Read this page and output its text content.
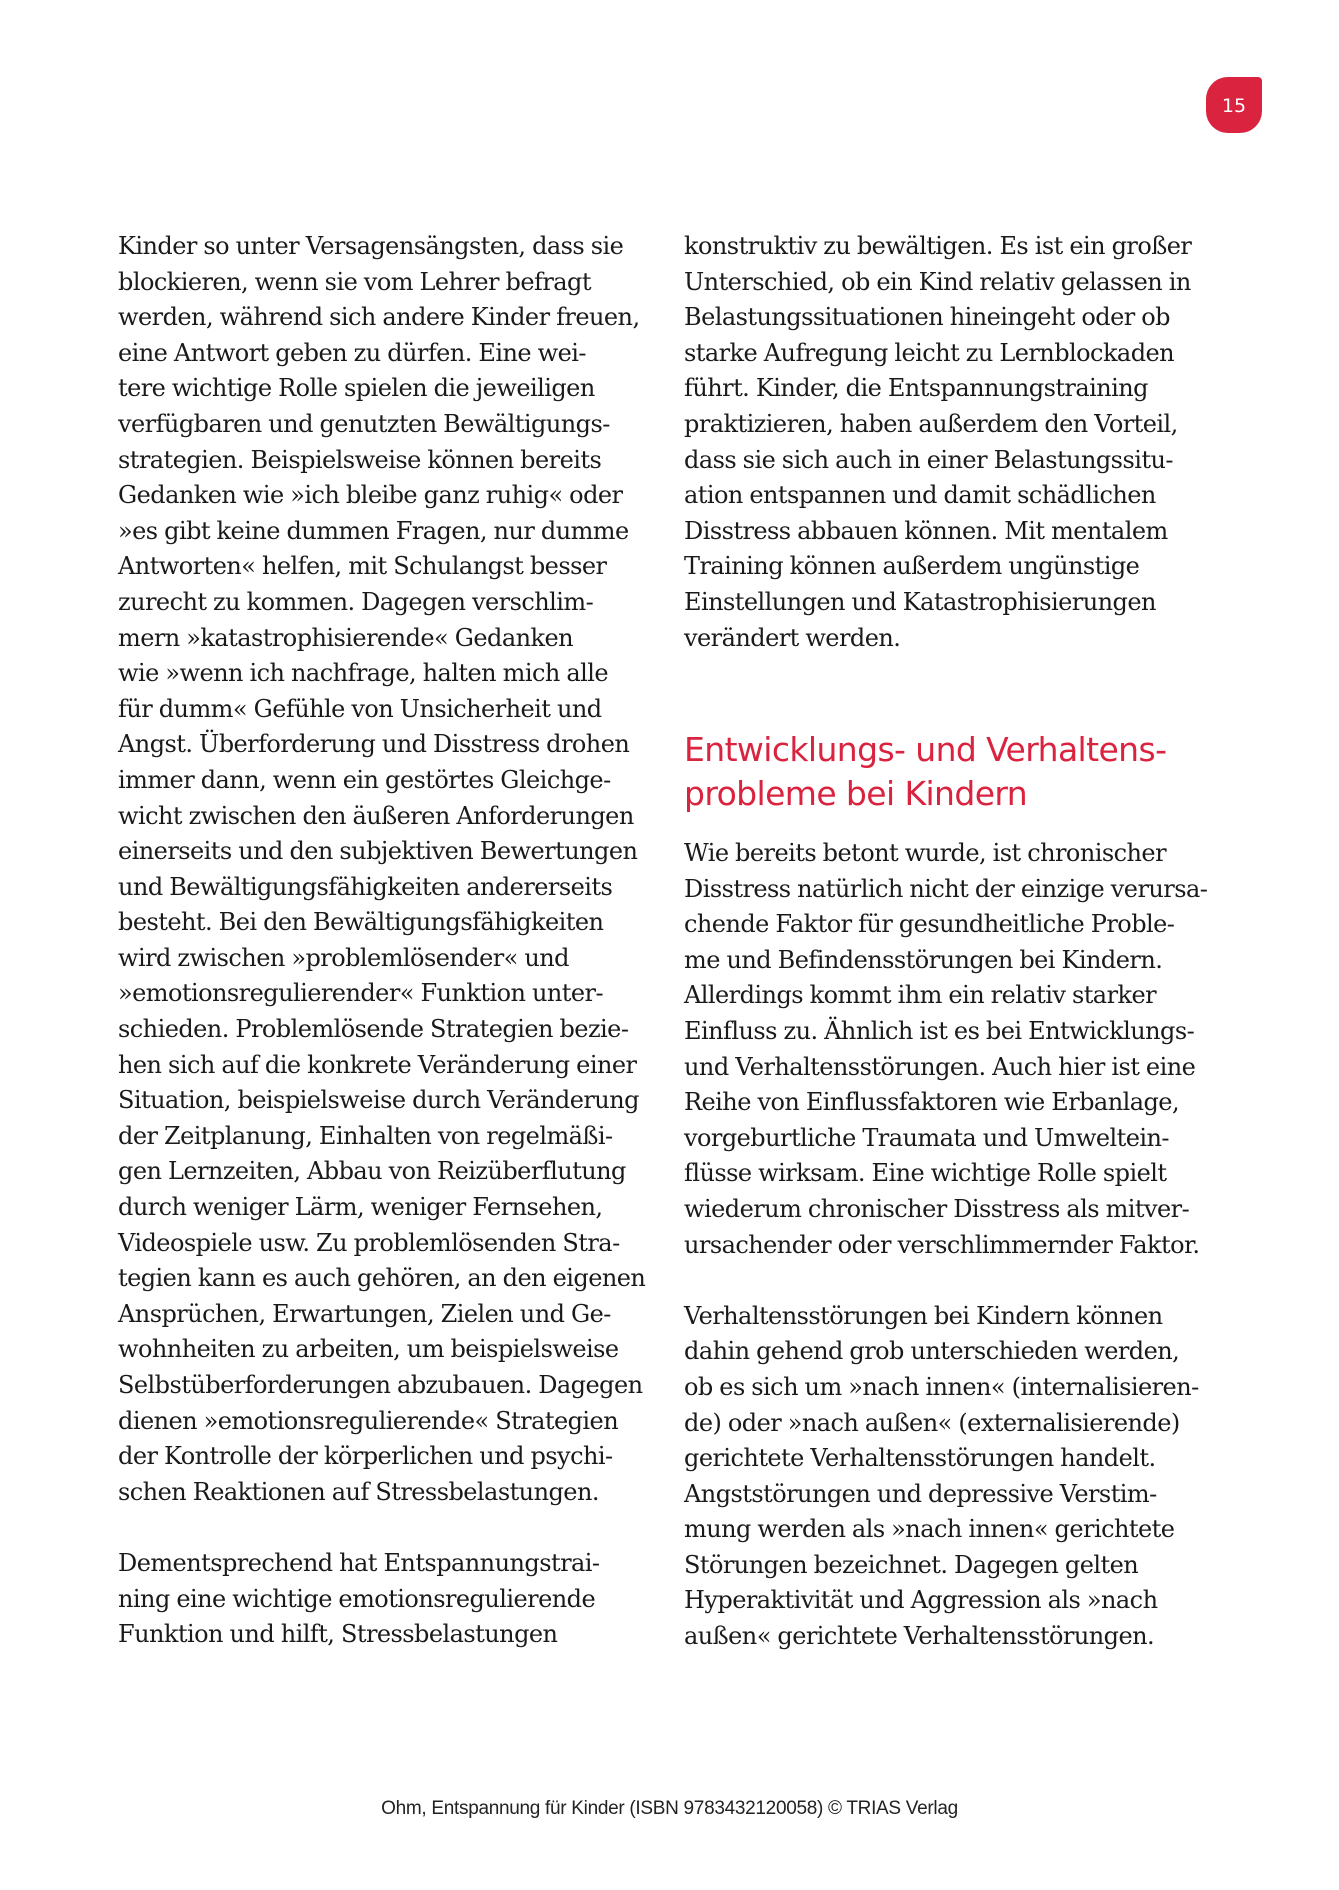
15
Kinder so unter Versagensängsten, dass sie
blockieren, wenn sie vom Lehrer befragt
werden, während sich andere Kinder freuen,
eine Antwort geben zu dürfen. Eine wei-
tere wichtige Rolle spielen die jeweiligen
verfügbaren und genutzten Bewältigungs-
strategien. Beispielsweise können bereits
Gedanken wie »ich bleibe ganz ruhig« oder
»es gibt keine dummen Fragen, nur dumme
Antworten« helfen, mit Schulangst besser
zurecht zu kommen. Dagegen verschlim-
mern »katastrophisierende« Gedanken
wie »wenn ich nachfrage, halten mich alle
für dumm« Gefühle von Unsicherheit und
Angst. Überforderung und Disstress drohen
immer dann, wenn ein gestörtes Gleichge-
wicht zwischen den äußeren Anforderungen
einerseits und den subjektiven Bewertungen
und Bewältigungsfähigkeiten andererseits
besteht. Bei den Bewältigungsfähigkeiten
wird zwischen »problemlösender« und
»emotionsregulierender« Funktion unter-
schieden. Problemlösende Strategien bezie-
hen sich auf die konkrete Veränderung einer
Situation, beispielsweise durch Veränderung
der Zeitplanung, Einhalten von regelmäßi-
gen Lernzeiten, Abbau von Reizüberflutung
durch weniger Lärm, weniger Fernsehen,
Videospiele usw. Zu problemlösenden Stra-
tegien kann es auch gehören, an den eigenen
Ansprüchen, Erwartungen, Zielen und Ge-
wohnheiten zu arbeiten, um beispielsweise
Selbstüberforderungen abzubauen. Dagegen
dienen »emotionsregulierende« Strategien
der Kontrolle der körperlichen und psychi-
schen Reaktionen auf Stressbelastungen.
Dementsprechend hat Entspannungstrai-
ning eine wichtige emotionsregulierende
Funktion und hilft, Stressbelastungen
konstruktiv zu bewältigen. Es ist ein großer
Unterschied, ob ein Kind relativ gelassen in
Belastungssituationen hineingeht oder ob
starke Aufregung leicht zu Lernblockaden
führt. Kinder, die Entspannungstraining
praktizieren, haben außerdem den Vorteil,
dass sie sich auch in einer Belastungssitu-
ation entspannen und damit schädlichen
Disstress abbauen können. Mit mentalem
Training können außerdem ungünstige
Einstellungen und Katastrophisierungen
verändert werden.
Entwicklungs- und Verhaltens-
probleme bei Kindern
Wie bereits betont wurde, ist chronischer
Disstress natürlich nicht der einzige verursa-
chende Faktor für gesundheitliche Proble-
me und Befindensstörungen bei Kindern.
Allerdings kommt ihm ein relativ starker
Einfluss zu. Ähnlich ist es bei Entwicklungs-
und Verhaltensstörungen. Auch hier ist eine
Reihe von Einflussfaktoren wie Erbanlage,
vorgeburtliche Traumata und Umweltein-
flüsse wirksam. Eine wichtige Rolle spielt
wiederum chronischer Disstress als mitver-
ursachender oder verschlimmernder Faktor.
Verhaltensstörungen bei Kindern können
dahin gehend grob unterschieden werden,
ob es sich um »nach innen« (internalisieren-
de) oder »nach außen« (externalisierende)
gerichtete Verhaltensstörungen handelt.
Angststörungen und depressive Verstim-
mung werden als »nach innen« gerichtete
Störungen bezeichnet. Dagegen gelten
Hyperaktivität und Aggression als »nach
außen« gerichtete Verhaltensstörungen.
Ohm, Entspannung für Kinder (ISBN 9783432120058) © TRIAS Verlag
